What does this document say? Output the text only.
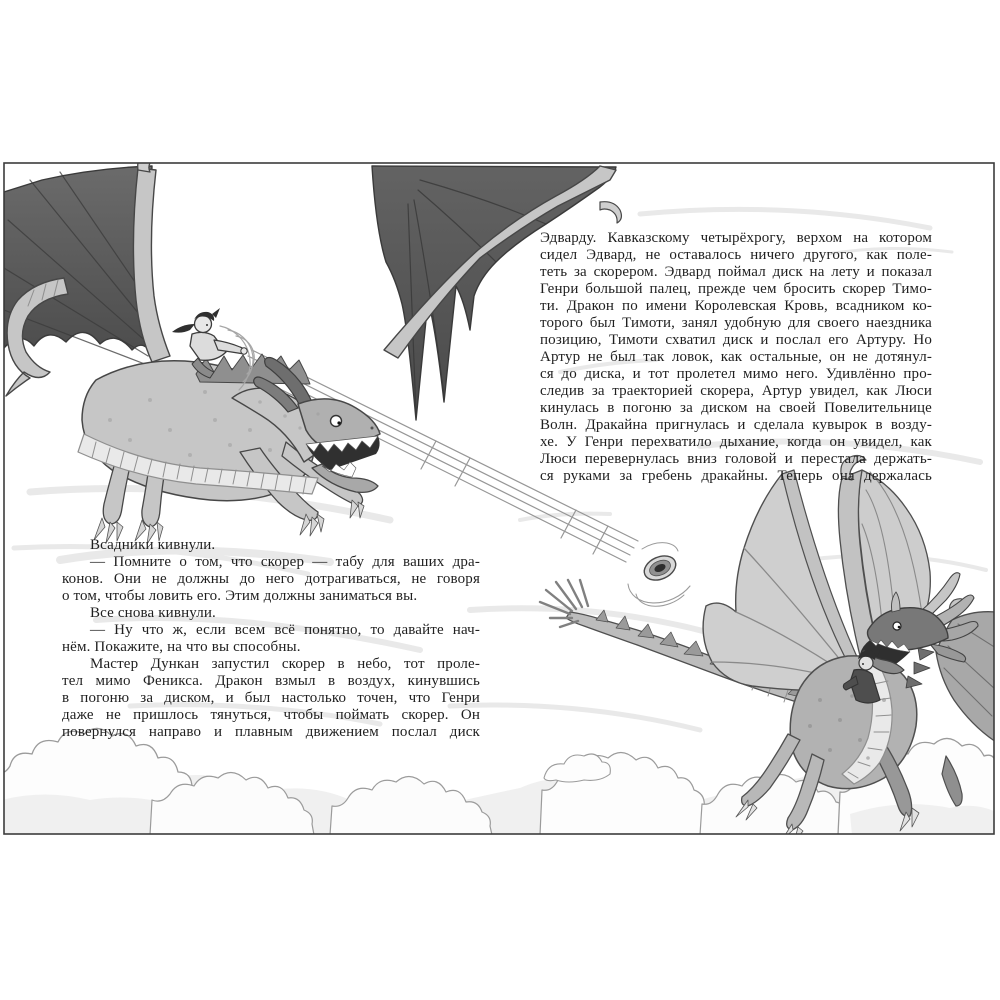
Эдварду. Кавказскому четырёхрогу, верхом на котором
сидел Эдвард, не оставалось ничего другого, как поле-
теть за скорером. Эдвард поймал диск на лету и показал
Генри большой палец, прежде чем бросить скорер Тимо-
ти. Дракон по имени Королевская Кровь, всадником ко-
торого был Тимоти, занял удобную для своего наездника
позицию, Тимоти схватил диск и послал его Артуру. Но
Артур не был так ловок, как остальные, он не дотянул-
ся до диска, и тот пролетел мимо него. Удивлённо про-
следив за траекторией скорера, Артур увидел, как Люси
кинулась в погоню за диском на своей Повелительнице
Волн. Дракайна пригнулась и сделала кувырок в возду-
хе. У Генри перехватило дыхание, когда он увидел, как
Люси перевернулась вниз головой и перестала держать-
ся руками за гребень дракайны. Теперь она держалась
Всадники кивнули.
— Помните о том, что скорер — табу для ваших дра-
конов. Они не должны до него дотрагиваться, не говоря
о том, чтобы ловить его. Этим должны заниматься вы.
Все снова кивнули.
— Ну что ж, если всем всё понятно, то давайте нач-
нём. Покажите, на что вы способны.
Мастер Дункан запустил скорер в небо, тот проле-
тел мимо Феникса. Дракон взмыл в воздух, кинувшись
в погоню за диском, и был настолько точен, что Генри
даже не пришлось тянуться, чтобы поймать скорер. Он
повернулся направо и плавным движением послал диск
